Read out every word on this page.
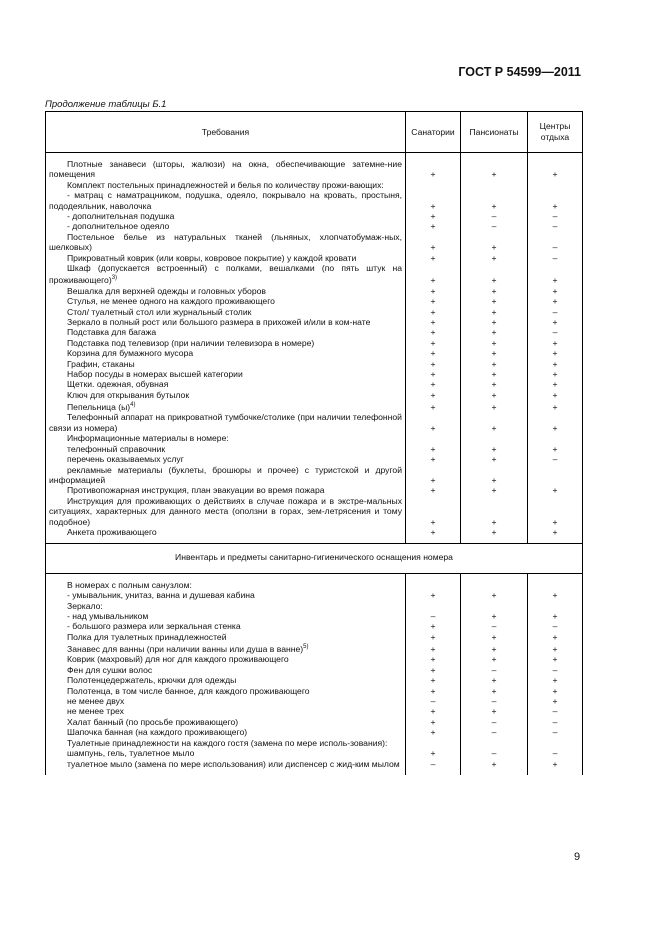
ГОСТ Р 54599—2011
Продолжение таблицы Б.1
Требования	Санатории	Пансионаты	Центры отдыха

Плотные занавеси (шторы, жалюзи) на окна, обеспечивающие затемне-ние помещения	+	+	+
Комплект постельных принадлежностей и белья по количеству прожи-вающих:			
- матрац с наматрацником, подушка, одеяло, покрывало на кровать, простыня, пододеяльник, наволочка	+	+	+
- дополнительная подушка	+	–	–
- дополнительное одеяло	+	–	–
Постельное белье из натуральных тканей (льняных, хлопчатобумаж-ных, шелковых)	+	+	–
Прикроватный коврик (или ковры, ковровое покрытие) у каждой кровати	+	+	–
Шкаф (допускается встроенный) с полками, вешалками (по пять штук на проживающего)$^{3)}$	+	+	+
Вешалка для верхней одежды и головных уборов	+	+	+
Стулья, не менее одного на каждого проживающего	+	+	+
Стол/ туалетный стол или журнальный столик	+	+	–
Зеркало в полный рост или большого размера в прихожей и/или в ком-нате	+	+	+
Подставка для багажа	+	+	–
Подставка под телевизор (при наличии телевизора в номере)	+	+	+
Корзина для бумажного мусора	+	+	+
Графин, стаканы	+	+	+
Набор посуды в номерах высшей категории	+	+	+
Щетки. одежная, обувная	+	+	+
Ключ для открывания бутылок	+	+	+
Пепельница $(ы)^{4)}$	+	+	+
Телефонный аппарат на прикроватной тумбочке/столике (при наличии телефонной связи из номера)	+	+	+
Информационные материалы в номере:			
телефонный справочник	+	+	+
перечень оказываемых услуг	+	+	–
рекламные материалы (буклеты, брошюры и прочее) с туристской и другой информацией	+	+	
Противопожарная инструкция, план эвакуации во время пожара	+	+	+
Инструкция для проживающих о действиях в случае пожара и в экстре-мальных ситуациях, характерных для данного места (оползни в горах, зем-летрясения и тому подобное)	+	+	+
Анкета проживающего	+	+	+

Инвентарь и предметы санитарно-гигиенического оснащения номера			

В номерах с полным санузлом:			
- умывальник, унитаз, ванна и душевая кабина	+	+	+
Зеркало:			
- над умывальником	–	+	+
- большого размера или зеркальная стенка	+	–	–
Полка для туалетных принадлежностей	+	+	+
Занавес для ванны (при наличии ванны или душа в ванне)$^{5)}$	+	+	+
Коврик (махровый) для ног для каждого проживающего	+	+	+
Фен для сушки волос	+	–	–
Полотенцедержатель, крючки для одежды	+	+	+
Полотенца, в том числе банное, для каждого проживающего	+	+	+
не менее двух	–	–	+
не менее трех	+	+	–
Халат банный (по просьбе проживающего)	+	–	–
Шапочка банная (на каждого проживающего)	+	–	–
Туалетные принадлежности на каждого гостя (замена по мере исполь-зования):			
шампунь, гель, туалетное мыло	+	–	–
туалетное мыло (замена по мере использования) или диспенсер с жид-ким мылом	–	+	+

9
